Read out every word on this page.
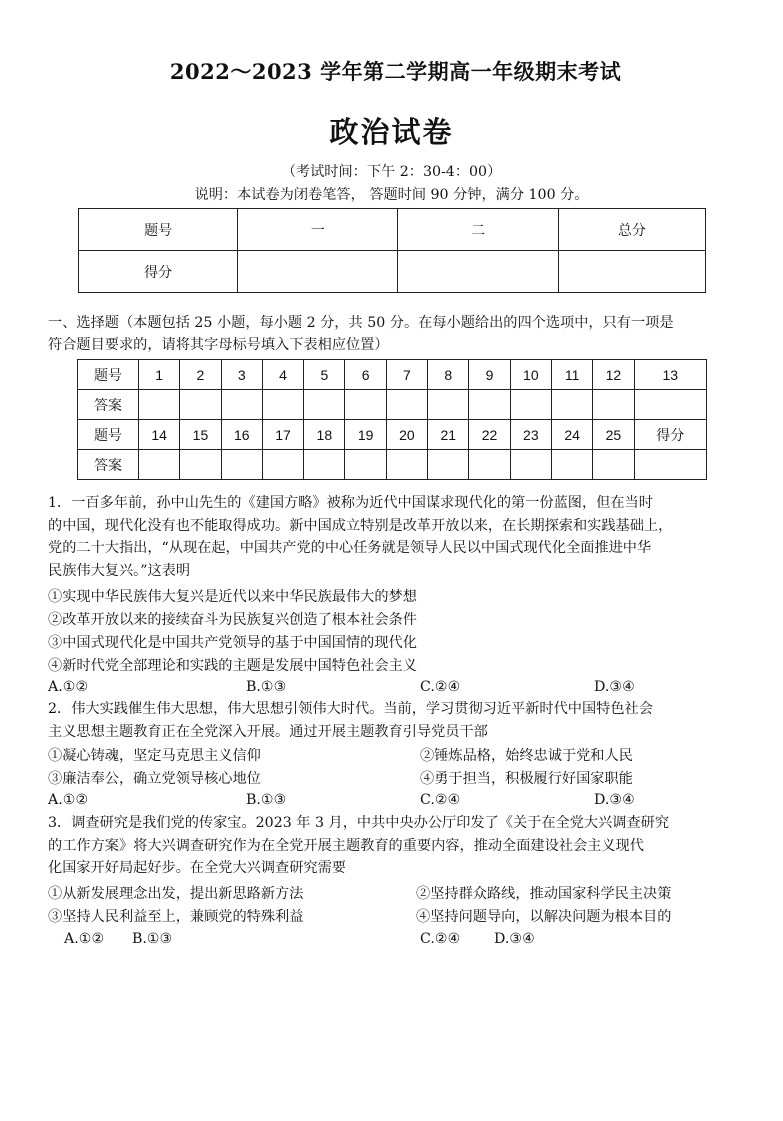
2022～2023 学年第二学期高一年级期末考试
政治试卷
（考试时间：下午 2：30-4：00）
说明：本试卷为闭卷笔答， 答题时间 90 分钟，满分 100 分。
题号	一	二	总分
得分			
一、选择题（本题包括 25 小题，每小题 2 分，共 50 分。在每小题给出的四个选项中，只有一项是
符合题目要求的，请将其字母标号填入下表相应位置）
题号	1	2	3	4	5	6	7	8	9	10	11	12	13
答案													
题号	14	15	16	17	18	19	20	21	22	23	24	25	得分
答案													
1．一百多年前，孙中山先生的《建国方略》被称为近代中国谋求现代化的第一份蓝图，但在当时
的中国，现代化没有也不能取得成功。新中国成立特别是改革开放以来，在长期探索和实践基础上，
党的二十大指出，“从现在起，中国共产党的中心任务就是领导人民以中国式现代化全面推进中华
民族伟大复兴。”这表明
①实现中华民族伟大复兴是近代以来中华民族最伟大的梦想
②改革开放以来的接续奋斗为民族复兴创造了根本社会条件
③中国式现代化是中国共产党领导的基于中国国情的现代化
④新时代党全部理论和实践的主题是发展中国特色社会主义
A.①②	B.①③	C.②④	D.③④
2．伟大实践催生伟大思想，伟大思想引领伟大时代。当前，学习贯彻习近平新时代中国特色社会
主义思想主题教育正在全党深入开展。通过开展主题教育引导党员干部
①凝心铸魂，坚定马克思主义信仰	②锤炼品格，始终忠诚于党和人民
③廉洁奉公，确立党领导核心地位	④勇于担当，积极履行好国家职能
A.①②	B.①③	C.②④	D.③④
3．调查研究是我们党的传家宝。2023 年 3 月，中共中央办公厅印发了《关于在全党大兴调查研究
的工作方案》将大兴调查研究作为在全党开展主题教育的重要内容，推动全面建设社会主义现代
化国家开好局起好步。在全党大兴调查研究需要
①从新发展理念出发，提出新思路新方法	②坚持群众路线，推动国家科学民主决策
③坚持人民利益至上，兼顾党的特殊利益	④坚持问题导向，以解决问题为根本目的
A.①② B.①③	C.②④ D.③④
